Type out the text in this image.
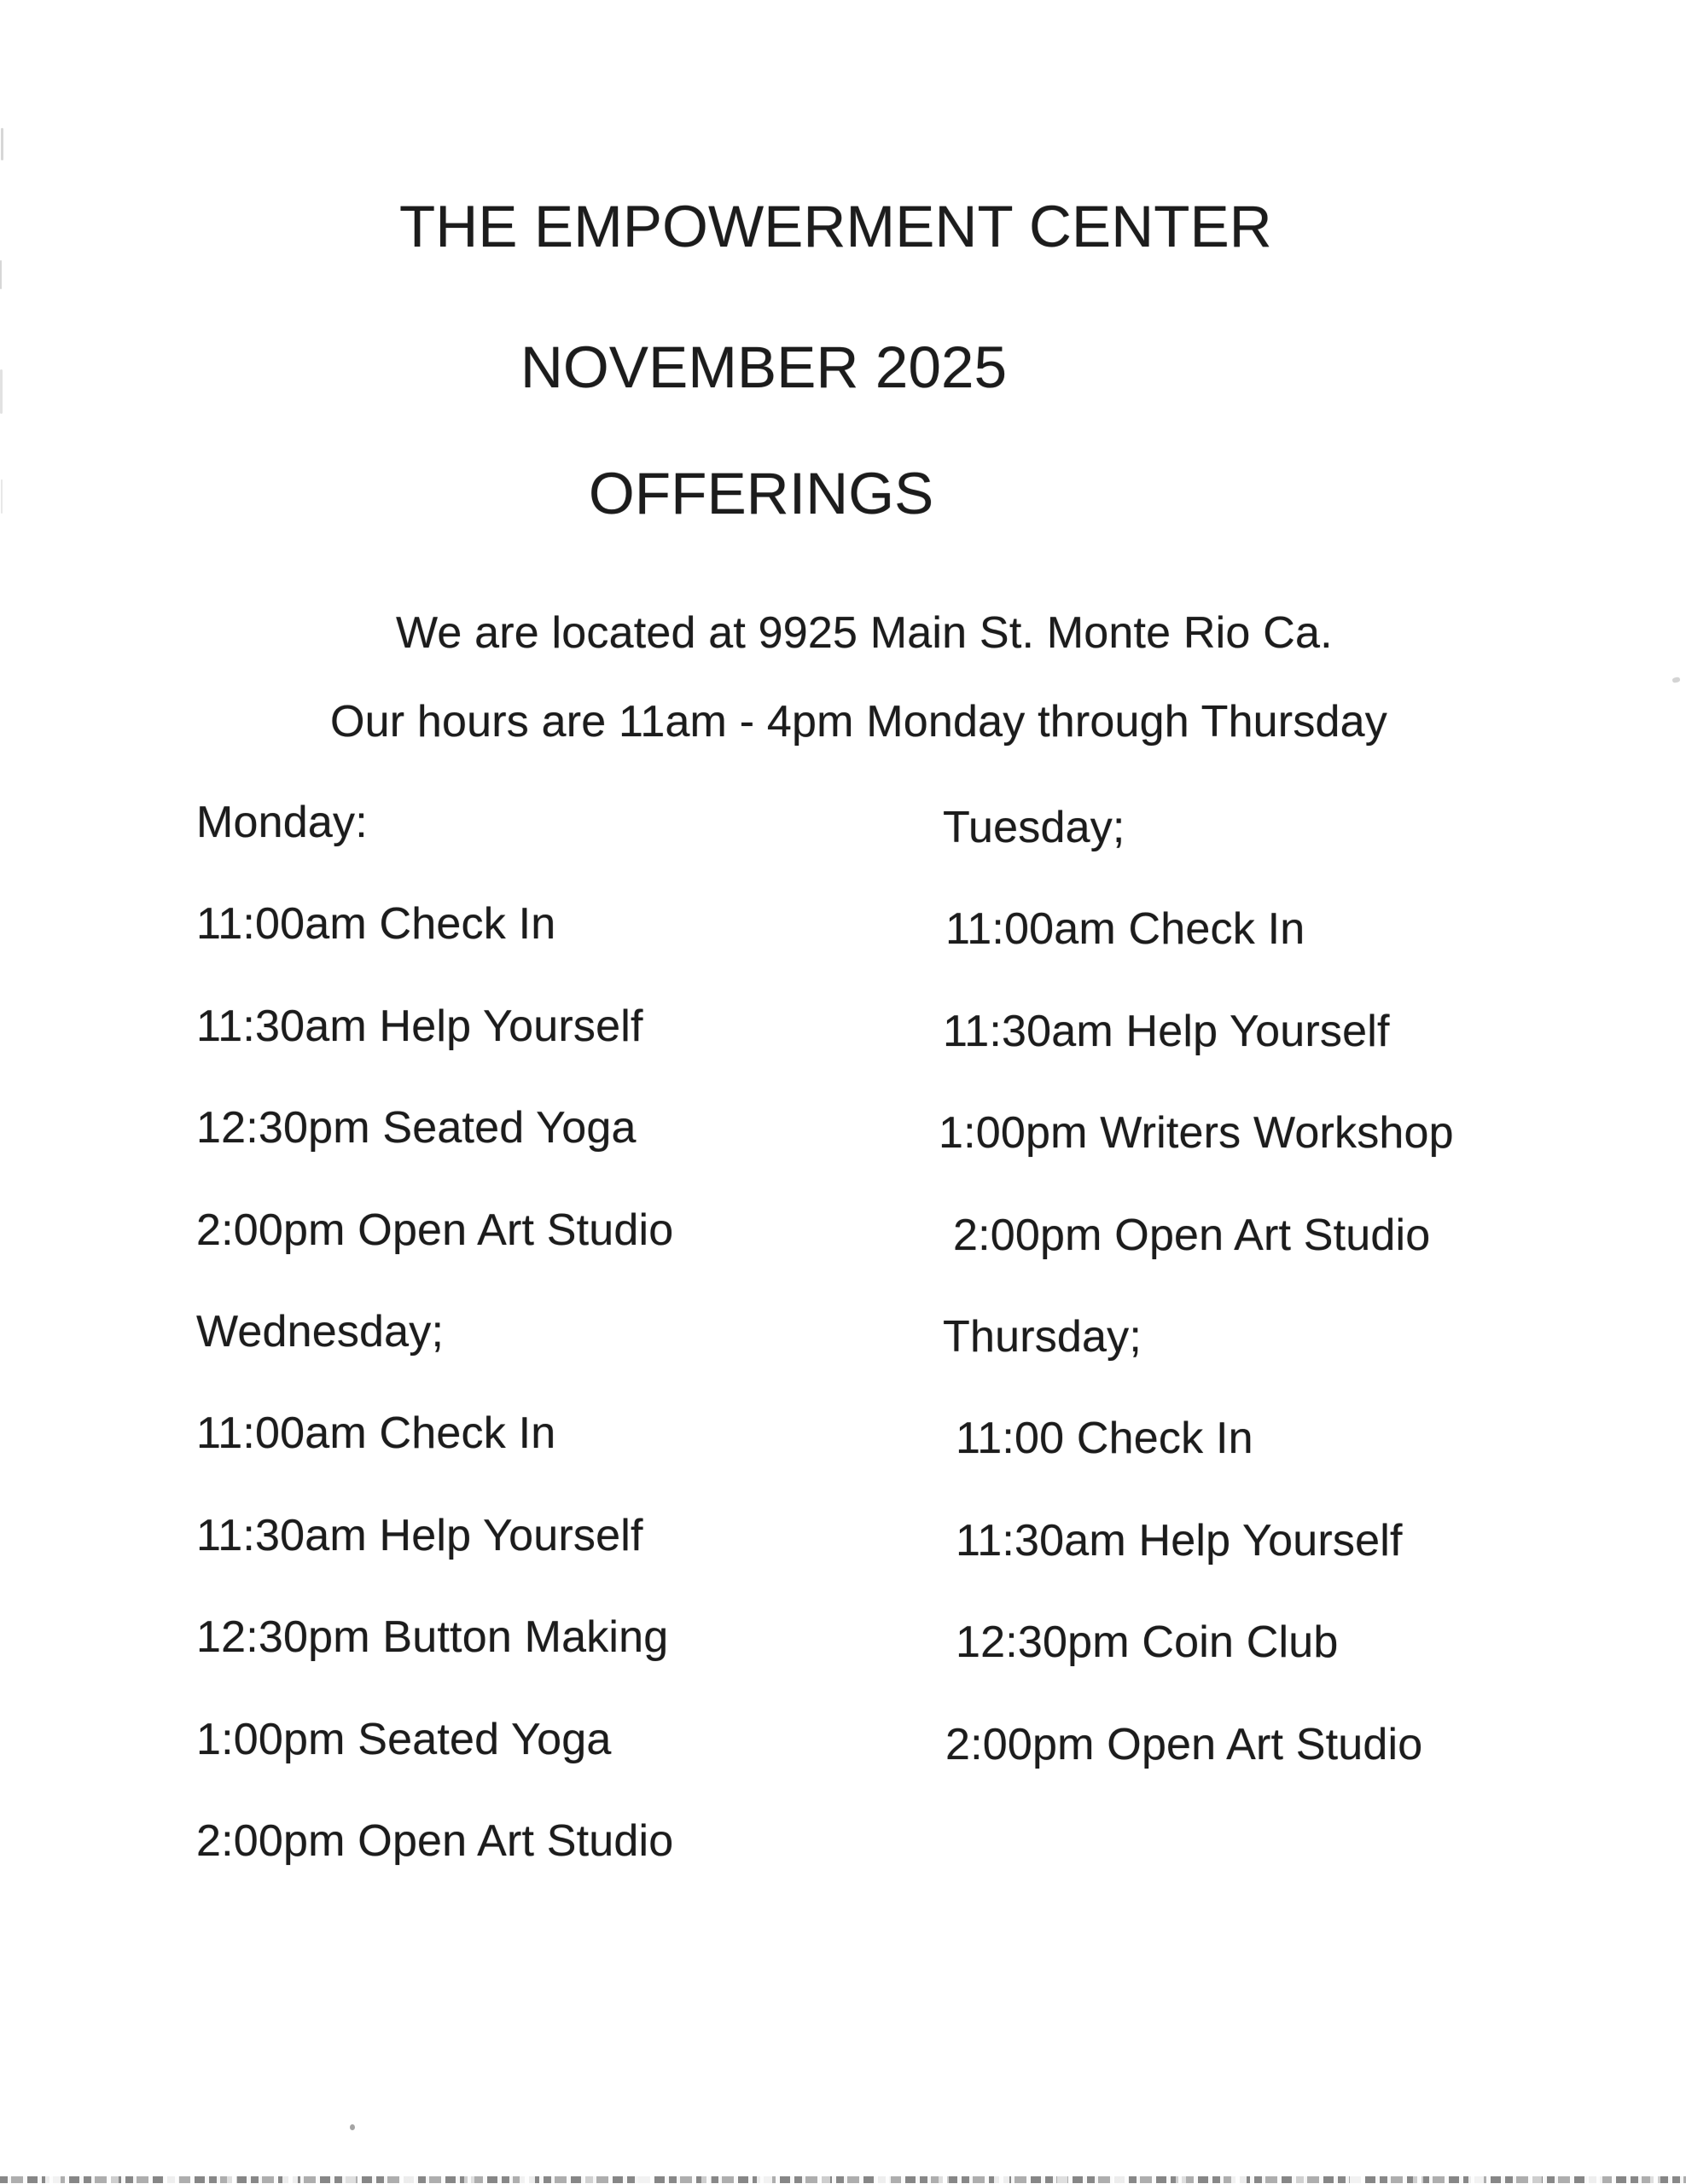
THE EMPOWERMENT CENTER
NOVEMBER 2025
OFFERINGS
We are located at 9925 Main St. Monte Rio Ca.
Our hours are 11am - 4pm Monday through Thursday
Monday:
11:00am Check In
11:30am Help Yourself
12:30pm Seated Yoga
2:00pm Open Art Studio
Wednesday;
11:00am Check In
11:30am Help Yourself
12:30pm Button Making
1:00pm Seated Yoga
2:00pm Open Art Studio
Tuesday;
11:00am Check In
11:30am Help Yourself
1:00pm Writers Workshop
2:00pm Open Art Studio
Thursday;
11:00 Check In
11:30am Help Yourself
12:30pm Coin Club
2:00pm Open Art Studio
